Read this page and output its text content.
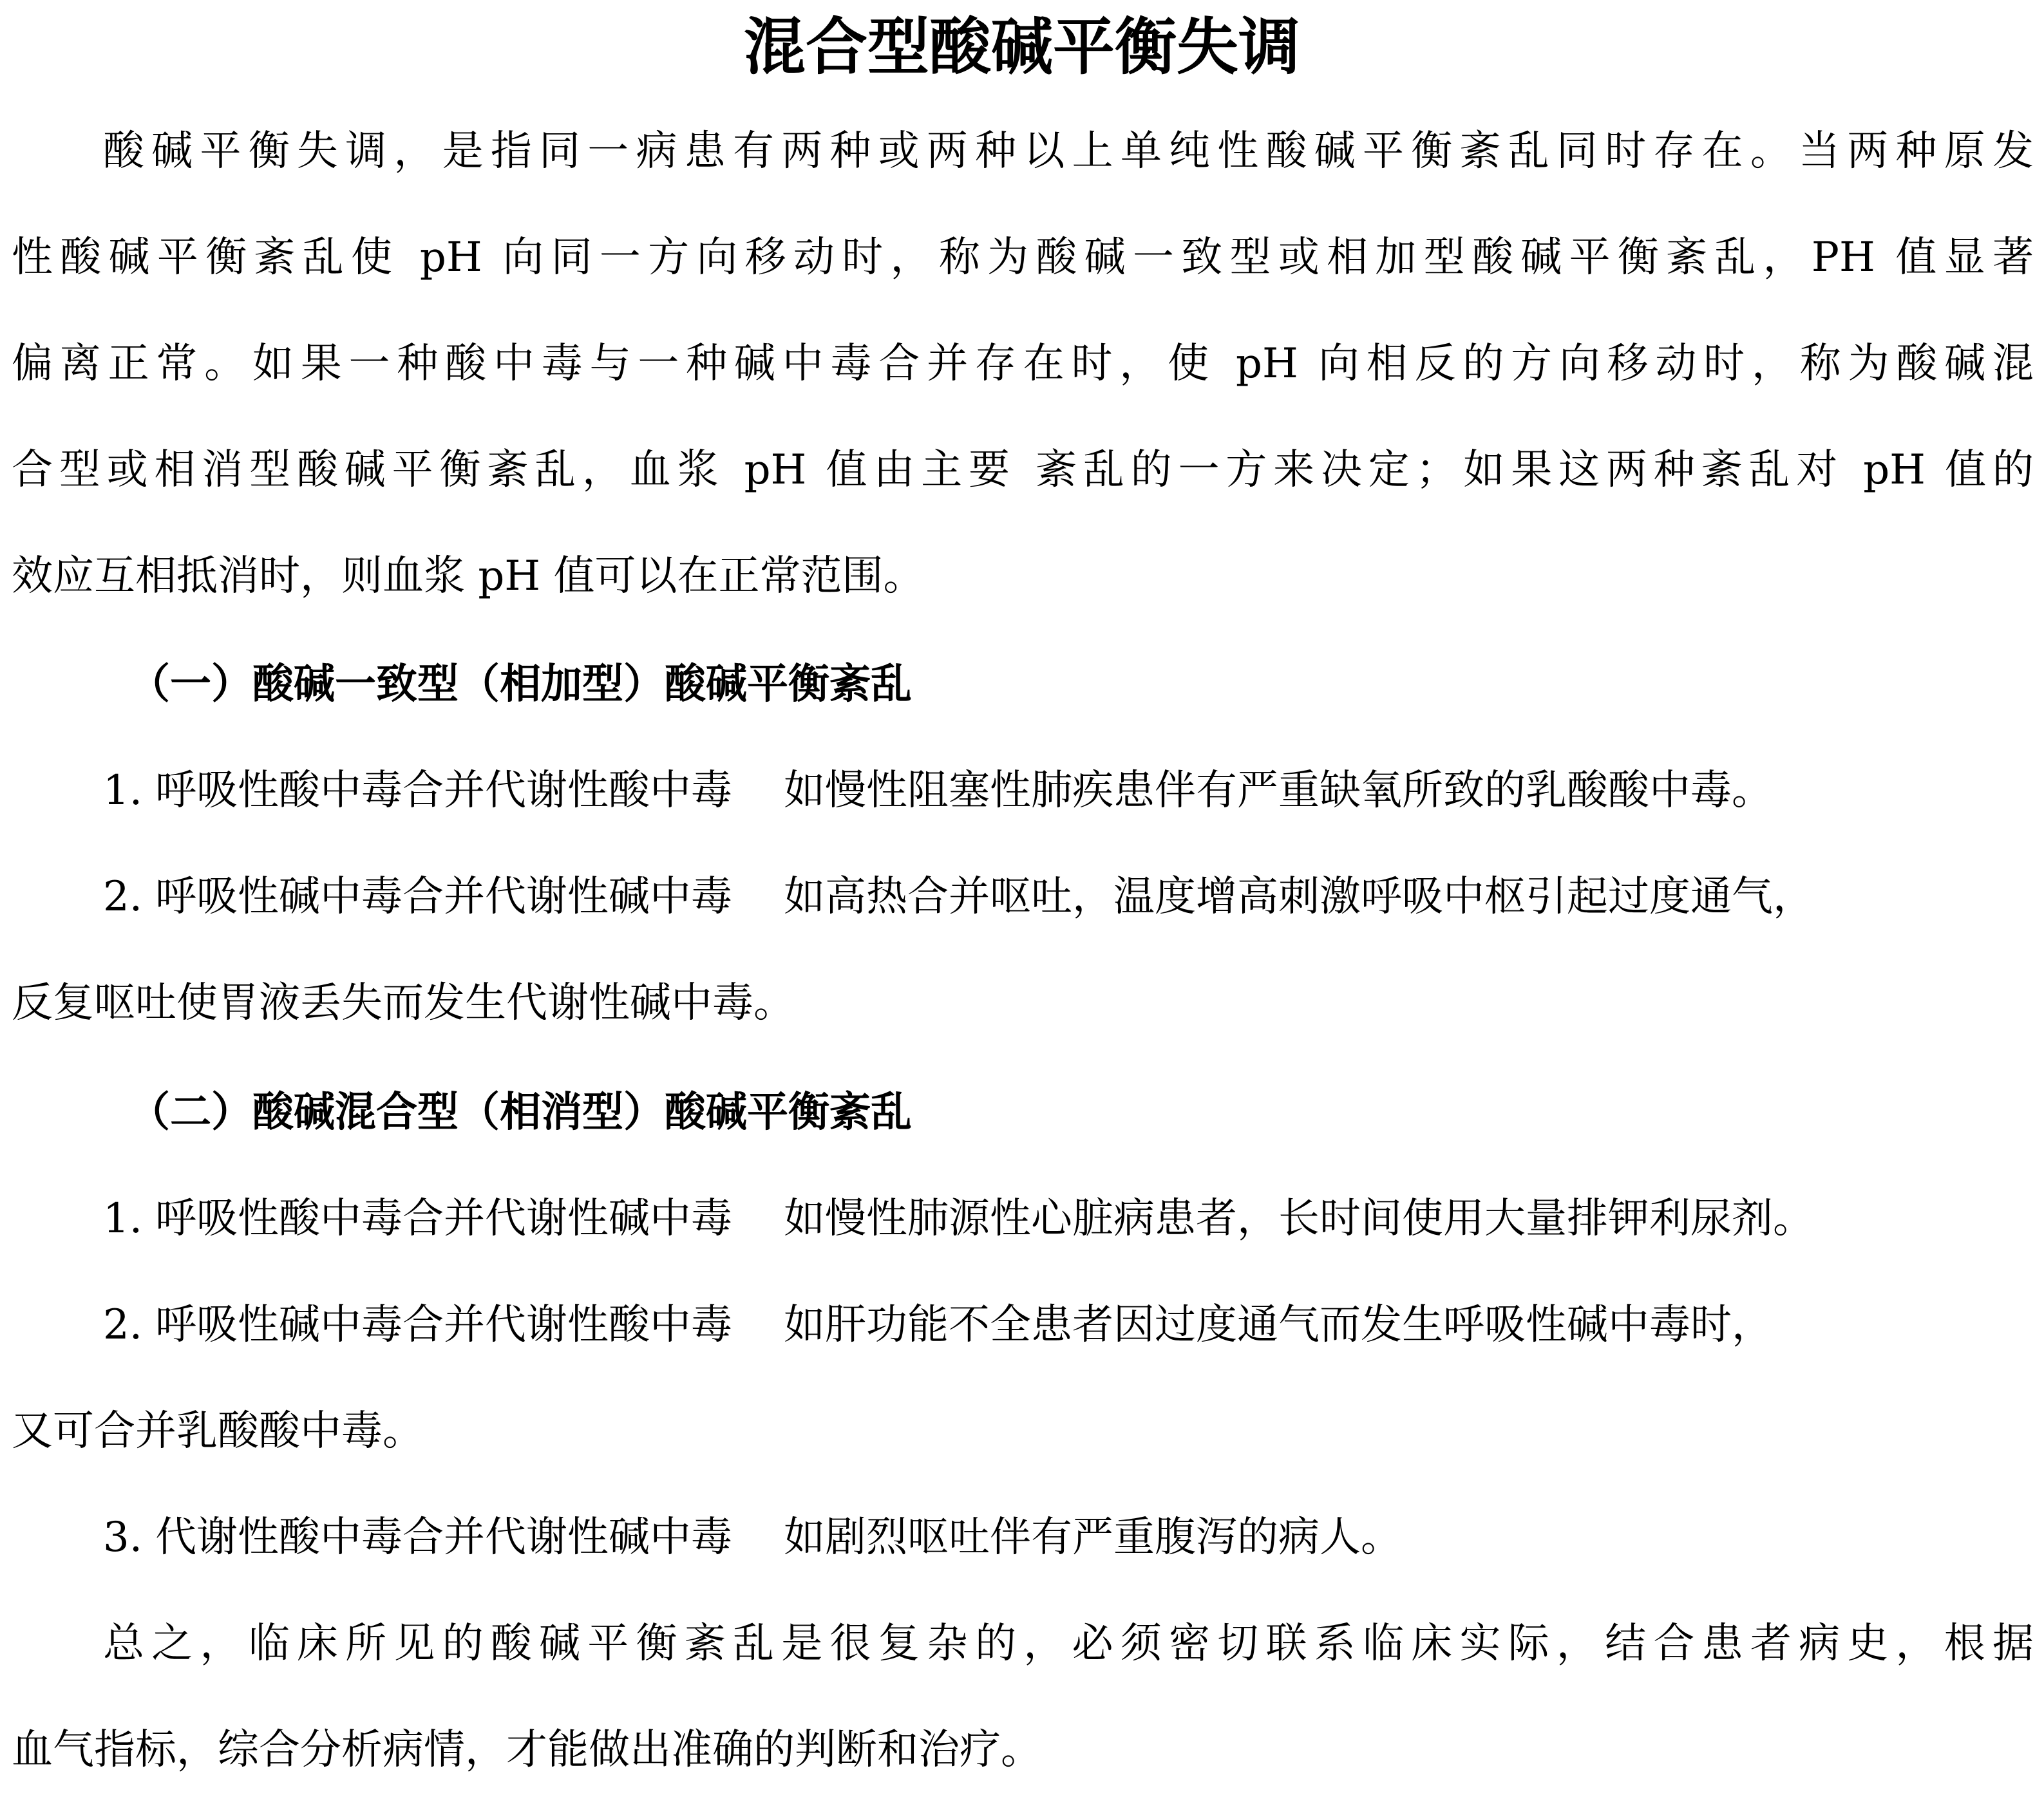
混合型酸碱平衡失调

酸碱平衡失调，是指同一病患有两种或两种以上单纯性酸碱平衡紊乱同时存在。当两种原发

性酸碱平衡紊乱使 pH 向同一方向移动时，称为酸碱一致型或相加型酸碱平衡紊乱，PH 值显著

偏离正常。如果一种酸中毒与一种碱中毒合并存在时，使 pH 向相反的方向移动时，称为酸碱混

合型或相消型酸碱平衡紊乱，血浆 pH 值由主要 紊乱的一方来决定；如果这两种紊乱对 pH 值的

效应互相抵消时，则血浆 pH 值可以在正常范围。

（一）酸碱一致型（相加型）酸碱平衡紊乱

1. 呼吸性酸中毒合并代谢性酸中毒 如慢性阻塞性肺疾患伴有严重缺氧所致的乳酸酸中毒。

2. 呼吸性碱中毒合并代谢性碱中毒 如高热合并呕吐，温度增高刺激呼吸中枢引起过度通气，

反复呕吐使胃液丢失而发生代谢性碱中毒。

（二）酸碱混合型（相消型）酸碱平衡紊乱

1. 呼吸性酸中毒合并代谢性碱中毒 如慢性肺源性心脏病患者，长时间使用大量排钾利尿剂。

2. 呼吸性碱中毒合并代谢性酸中毒 如肝功能不全患者因过度通气而发生呼吸性碱中毒时，

又可合并乳酸酸中毒。

3. 代谢性酸中毒合并代谢性碱中毒 如剧烈呕吐伴有严重腹泻的病人。

总之，临床所见的酸碱平衡紊乱是很复杂的，必须密切联系临床实际，结合患者病史，根据

血气指标，综合分析病情，才能做出准确的判断和治疗。
